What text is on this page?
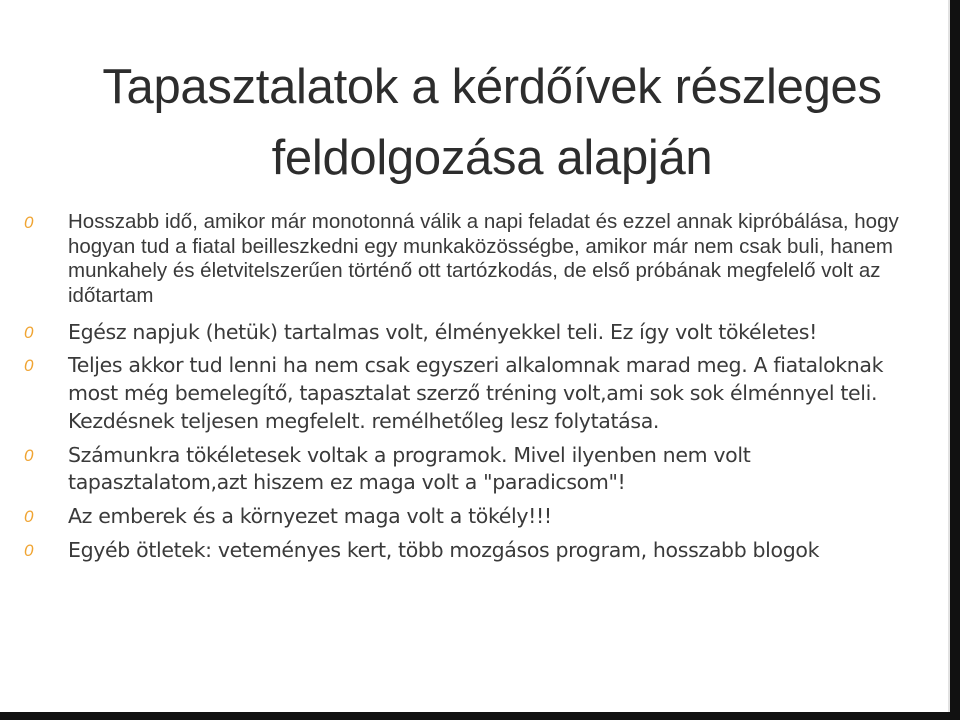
Tapasztalatok a kérdőívek részleges feldolgozása alapján
0 Hosszabb idő, amikor már monotonná válik a napi feladat és ezzel annak kipróbálása, hogy hogyan tud a fiatal beilleszkedni egy munkaközösségbe, amikor már nem csak buli, hanem munkahely és életvitelszerűen történő ott tartózkodás, de első próbának megfelelő volt az időtartam
0 Egész napjuk (hetük) tartalmas volt, élményekkel teli. Ez így volt tökéletes!
0 Teljes akkor tud lenni ha nem csak egyszeri alkalomnak marad meg. A fiataloknak most még bemelegítő, tapasztalat szerző tréning volt,ami sok sok élménnyel teli. Kezdésnek teljesen megfelelt. remélhetőleg lesz folytatása.
0 Számunkra tökéletesek voltak a programok. Mivel ilyenben nem volt tapasztalatom,azt hiszem ez maga volt a "paradicsom"!
0 Az emberek és a környezet maga volt a tökély!!!
0 Egyéb ötletek: veteményes kert, több mozgásos program, hosszabb blogok
